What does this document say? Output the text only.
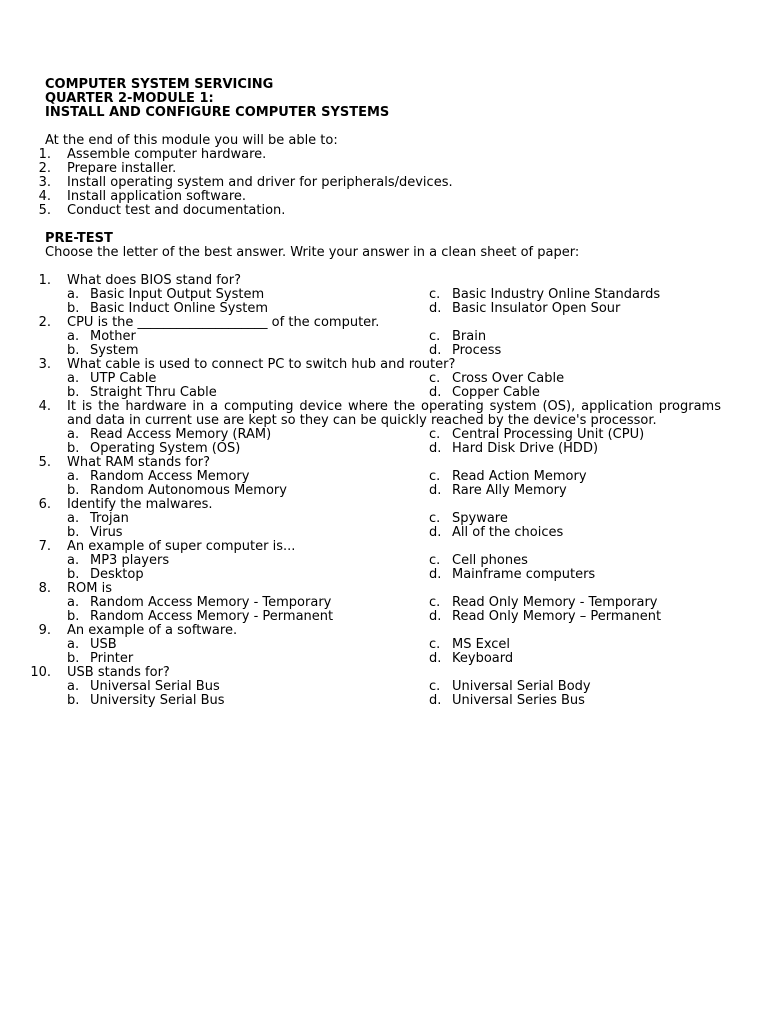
COMPUTER SYSTEM SERVICING
QUARTER 2-MODULE 1:
INSTALL AND CONFIGURE COMPUTER SYSTEMS
At the end of this module you will be able to:
1. Assemble computer hardware.
2. Prepare installer.
3. Install operating system and driver for peripherals/devices.
4. Install application software.
5. Conduct test and documentation.
PRE-TEST
Choose the letter of the best answer. Write your answer in a clean sheet of paper:
1. What does BIOS stand for?
a. Basic Input Output System	c. Basic Industry Online Standards
b. Basic Induct Online System	d. Basic Insulator Open Sour
2. CPU is the ____________________ of the computer.
a. Mother	c. Brain
b. System	d. Process
3. What cable is used to connect PC to switch hub and router?
a. UTP Cable	c. Cross Over Cable
b. Straight Thru Cable	d. Copper Cable
4. It is the hardware in a computing device where the operating system (OS), application programs and data in current use are kept so they can be quickly reached by the device's processor.
a. Read Access Memory (RAM)	c. Central Processing Unit (CPU)
b. Operating System (OS)	d. Hard Disk Drive (HDD)
5. What RAM stands for?
a. Random Access Memory	c. Read Action Memory
b. Random Autonomous Memory	d. Rare Ally Memory
6. Identify the malwares.
a. Trojan	c. Spyware
b. Virus	d. All of the choices
7. An example of super computer is...
a. MP3 players	c. Cell phones
b. Desktop	d. Mainframe computers
8. ROM is
a. Random Access Memory - Temporary	c. Read Only Memory - Temporary
b. Random Access Memory - Permanent	d. Read Only Memory – Permanent
9. An example of a software.
a. USB	c. MS Excel
b. Printer	d. Keyboard
10. USB stands for?
a. Universal Serial Bus	c. Universal Serial Body
b. University Serial Bus	d. Universal Series Bus
